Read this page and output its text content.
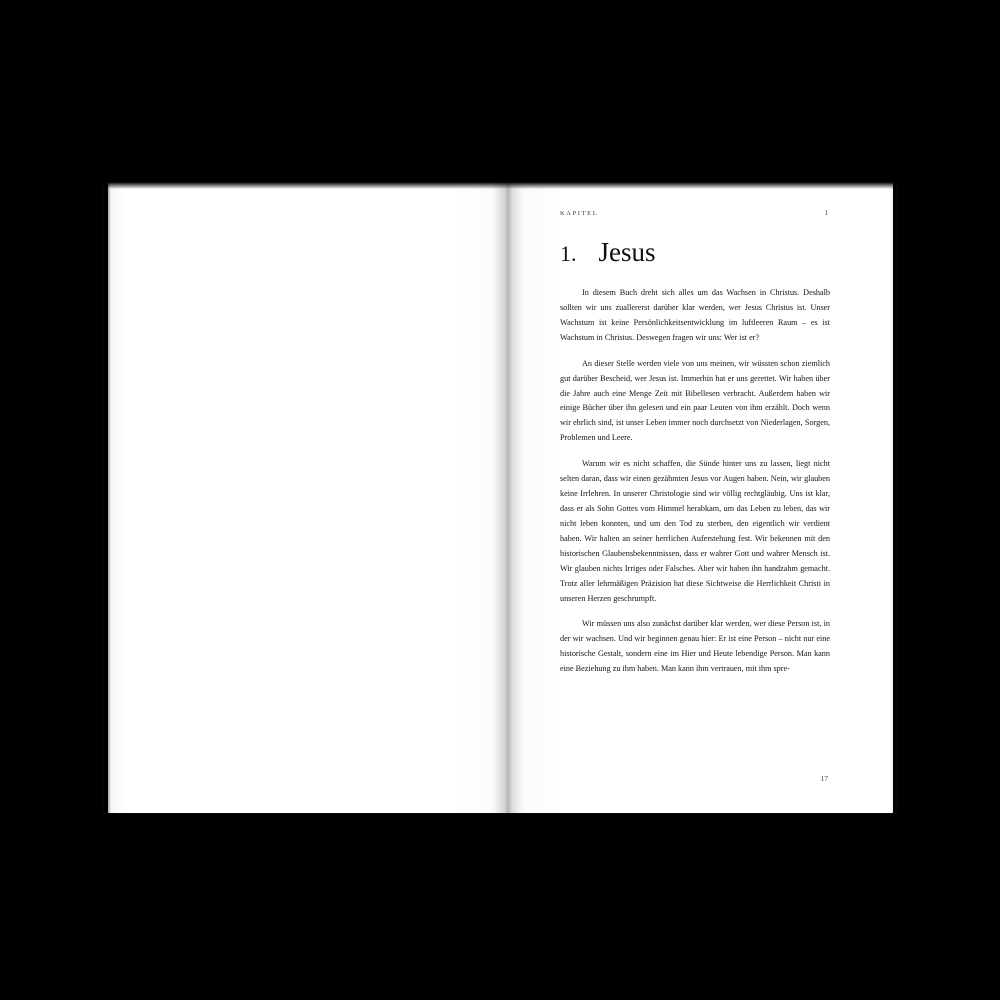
KAPITEL	1
1. Jesus

In diesem Buch dreht sich alles um das Wachsen in Christus. Deshalb sollten wir uns zuallererst darüber klar werden, wer Jesus Christus ist. Unser Wachstum ist keine Persönlichkeitsentwicklung im luftleeren Raum – es ist Wachstum in Christus. Deswegen fragen wir uns: Wer ist er?

An dieser Stelle werden viele von uns meinen, wir wüssten schon ziemlich gut darüber Bescheid, wer Jesus ist. Immerhin hat er uns gerettet. Wir haben über die Jahre auch eine Menge Zeit mit Bibellesen verbracht. Außerdem haben wir einige Bücher über ihn gelesen und ein paar Leuten von ihm erzählt. Doch wenn wir ehrlich sind, ist unser Leben immer noch durchsetzt von Niederlagen, Sorgen, Problemen und Leere.

Warum wir es nicht schaffen, die Sünde hinter uns zu lassen, liegt nicht selten daran, dass wir einen gezähmten Jesus vor Augen haben. Nein, wir glauben keine Irrlehren. In unserer Christologie sind wir völlig rechtgläubig. Uns ist klar, dass er als Sohn Gottes vom Himmel herabkam, um das Leben zu leben, das wir nicht leben konnten, und um den Tod zu sterben, den eigentlich wir verdient haben. Wir halten an seiner herrlichen Auferstehung fest. Wir bekennen mit den historischen Glaubensbekenntnissen, dass er wahrer Gott und wahrer Mensch ist. Wir glauben nichts Irriges oder Falsches. Aber wir haben ihn handzahm gemacht. Trotz aller lehrmäßigen Präzision hat diese Sichtweise die Herrlichkeit Christi in unseren Herzen geschrumpft.

Wir müssen uns also zunächst darüber klar werden, wer diese Person ist, in der wir wachsen. Und wir beginnen genau hier: Er ist eine Person – nicht nur eine historische Gestalt, sondern eine im Hier und Heute lebendige Person. Man kann eine Beziehung zu ihm haben. Man kann ihm vertrauen, mit ihm spre-

17
